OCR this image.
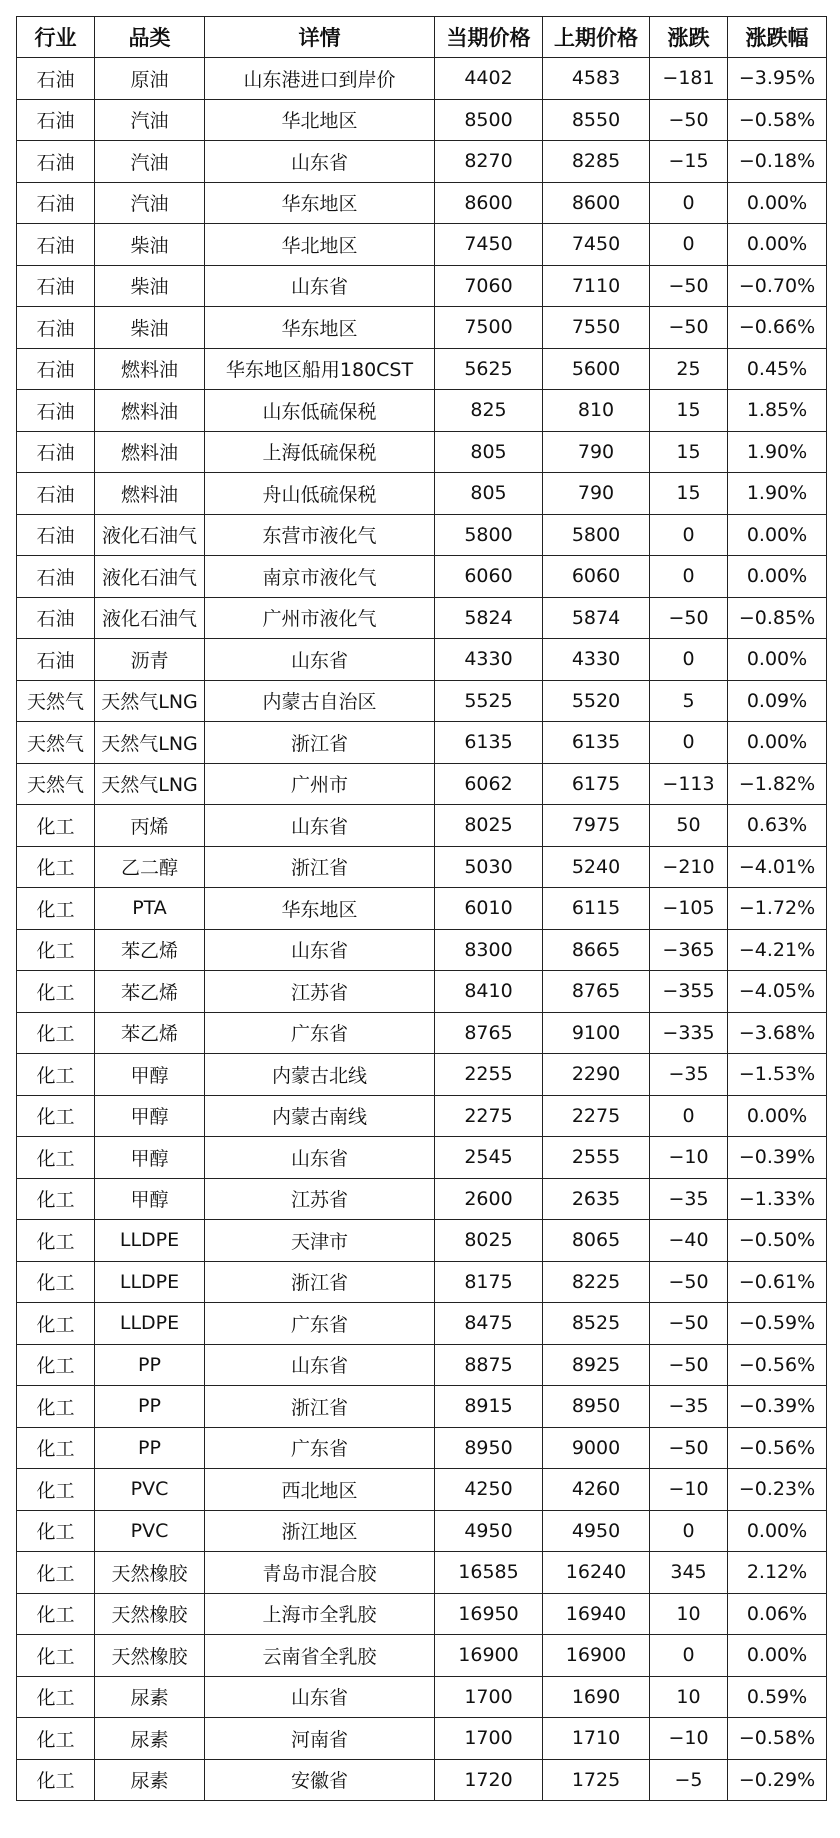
行业	品类	详情	当期价格	上期价格	涨跌	涨跌幅
石油	原油	山东港进口到岸价	4402	4583	−181	−3.95%
石油	汽油	华北地区	8500	8550	−50	−0.58%
石油	汽油	山东省	8270	8285	−15	−0.18%
石油	汽油	华东地区	8600	8600	0	0.00%
石油	柴油	华北地区	7450	7450	0	0.00%
石油	柴油	山东省	7060	7110	−50	−0.70%
石油	柴油	华东地区	7500	7550	−50	−0.66%
石油	燃料油	华东地区船用180CST	5625	5600	25	0.45%
石油	燃料油	山东低硫保税	825	810	15	1.85%
石油	燃料油	上海低硫保税	805	790	15	1.90%
石油	燃料油	舟山低硫保税	805	790	15	1.90%
石油	液化石油气	东营市液化气	5800	5800	0	0.00%
石油	液化石油气	南京市液化气	6060	6060	0	0.00%
石油	液化石油气	广州市液化气	5824	5874	−50	−0.85%
石油	沥青	山东省	4330	4330	0	0.00%
天然气	天然气LNG	内蒙古自治区	5525	5520	5	0.09%
天然气	天然气LNG	浙江省	6135	6135	0	0.00%
天然气	天然气LNG	广州市	6062	6175	−113	−1.82%
化工	丙烯	山东省	8025	7975	50	0.63%
化工	乙二醇	浙江省	5030	5240	−210	−4.01%
化工	PTA	华东地区	6010	6115	−105	−1.72%
化工	苯乙烯	山东省	8300	8665	−365	−4.21%
化工	苯乙烯	江苏省	8410	8765	−355	−4.05%
化工	苯乙烯	广东省	8765	9100	−335	−3.68%
化工	甲醇	内蒙古北线	2255	2290	−35	−1.53%
化工	甲醇	内蒙古南线	2275	2275	0	0.00%
化工	甲醇	山东省	2545	2555	−10	−0.39%
化工	甲醇	江苏省	2600	2635	−35	−1.33%
化工	LLDPE	天津市	8025	8065	−40	−0.50%
化工	LLDPE	浙江省	8175	8225	−50	−0.61%
化工	LLDPE	广东省	8475	8525	−50	−0.59%
化工	PP	山东省	8875	8925	−50	−0.56%
化工	PP	浙江省	8915	8950	−35	−0.39%
化工	PP	广东省	8950	9000	−50	−0.56%
化工	PVC	西北地区	4250	4260	−10	−0.23%
化工	PVC	浙江地区	4950	4950	0	0.00%
化工	天然橡胶	青岛市混合胶	16585	16240	345	2.12%
化工	天然橡胶	上海市全乳胶	16950	16940	10	0.06%
化工	天然橡胶	云南省全乳胶	16900	16900	0	0.00%
化工	尿素	山东省	1700	1690	10	0.59%
化工	尿素	河南省	1700	1710	−10	−0.58%
化工	尿素	安徽省	1720	1725	−5	−0.29%
